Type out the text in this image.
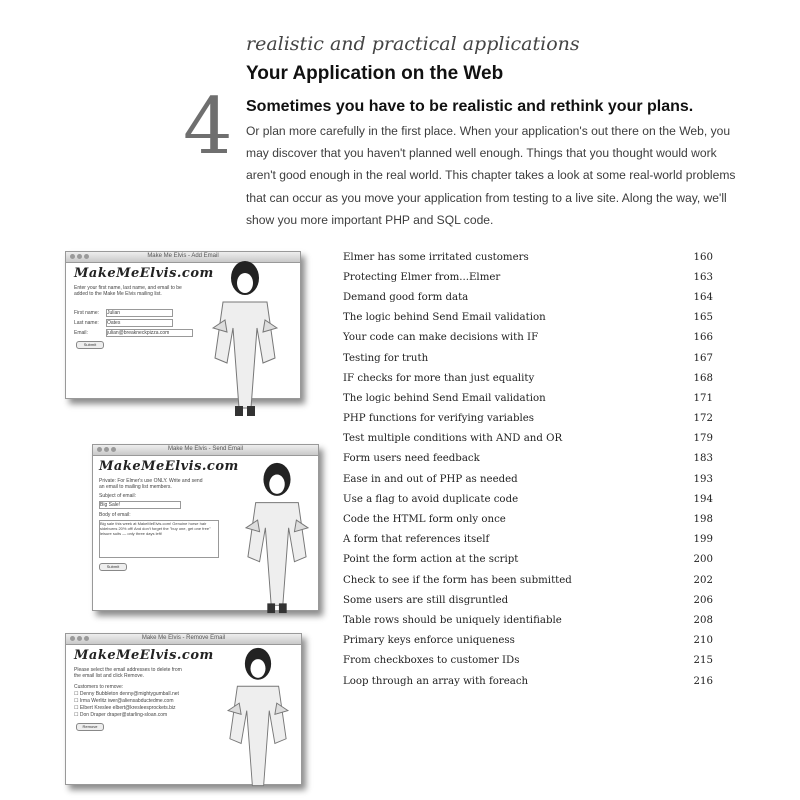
4
realistic and practical applications
Your Application on the Web
Sometimes you have to be realistic and rethink your plans.
Or plan more carefully in the first place. When your application's out there on the Web, you may discover that you haven't planned well enough. Things that you thought would work aren't good enough in the real world. This chapter takes a look at some real-world problems that can occur as you move your application from testing to a live site. Along the way, we'll show you more important PHP and SQL code.
Make Me Elvis - Add Email
MakeMeElvis.com
Enter your first name, last name, and email to be added to the Make Me Elvis mailing list.
First name: Julian
Last name: Oates
Email:	julian@breakneckpizza.com
Submit
Make Me Elvis - Send Email
MakeMeElvis.com
Private: For Elmer's use ONLY. Write and send an email to mailing list members.
Subject of email:
Big Sale!
Body of email:
Big sale this week at MakeMeElvis.com! Genuine horse hair sideburns 20% off! And don't forget the "buy one, get one free" leisure suits — only three days left!
Submit
Make Me Elvis - Remove Email
MakeMeElvis.com
Please select the email addresses to delete from the email list and click Remove.
Customers to remove:
☐ Denny Bubbleton denny@mightygumball.net
☐ Irma Werlitz iwer@aliensabductedme.com
☐ Elbert Kreslee elbert@kresleesprockets.biz
☐ Don Draper draper@starling-sloan.com
Remove
Elmer has some irritated customers	160
Protecting Elmer from...Elmer	163
Demand good form data	164
The logic behind Send Email validation	165
Your code can make decisions with IF	166
Testing for truth	167
IF checks for more than just equality	168
The logic behind Send Email validation	171
PHP functions for verifying variables	172
Test multiple conditions with AND and OR	179
Form users need feedback	183
Ease in and out of PHP as needed	193
Use a flag to avoid duplicate code	194
Code the HTML form only once	198
A form that references itself	199
Point the form action at the script	200
Check to see if the form has been submitted	202
Some users are still disgruntled	206
Table rows should be uniquely identifiable	208
Primary keys enforce uniqueness	210
From checkboxes to customer IDs	215
Loop through an array with foreach	216
